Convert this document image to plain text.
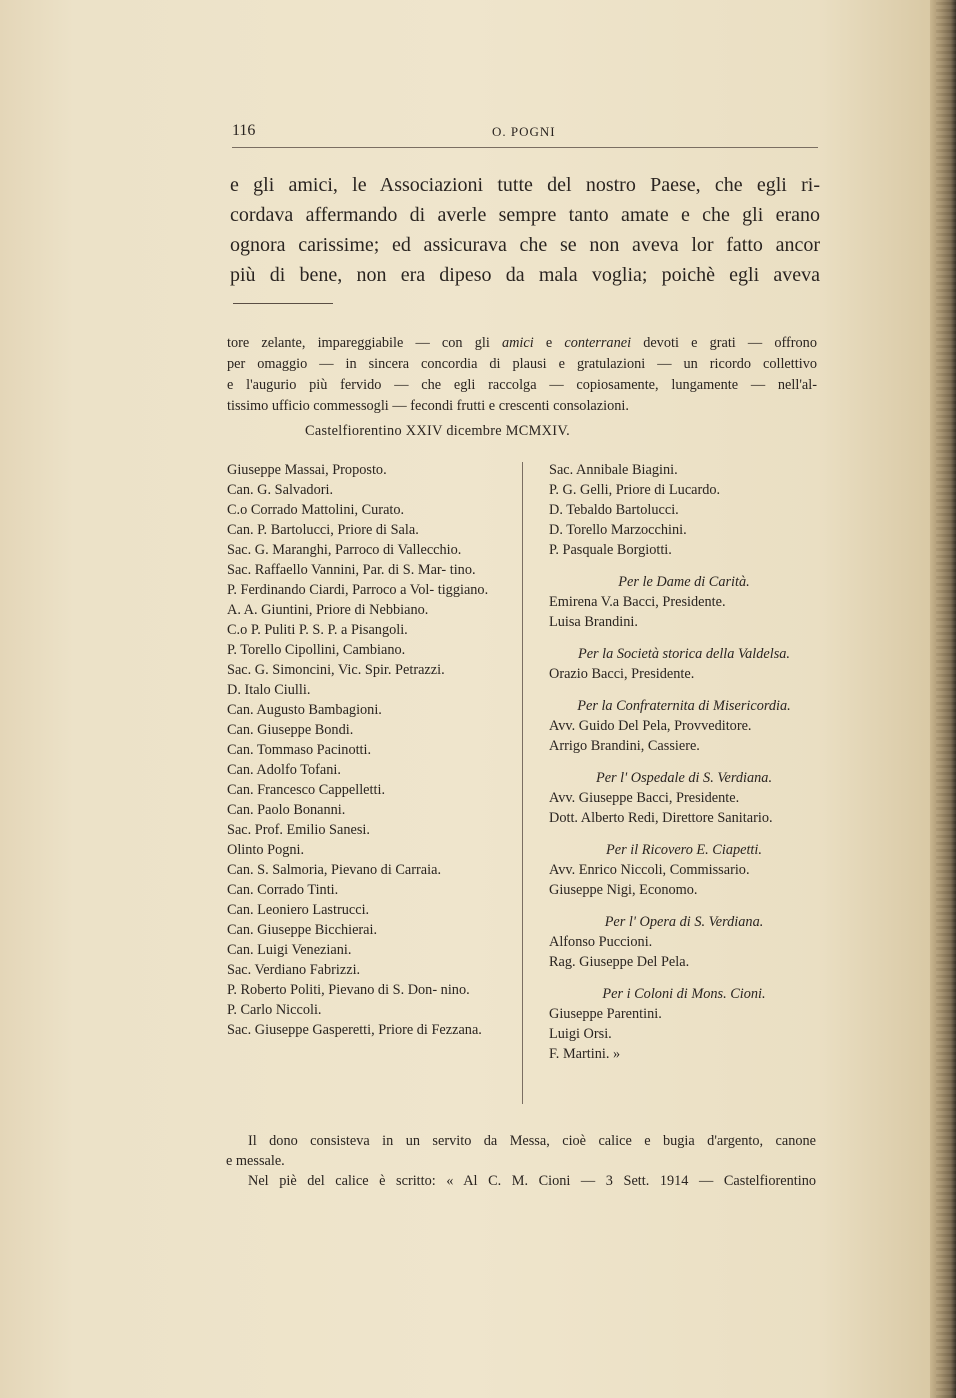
116	O. POGNI
e gli amici, le Associazioni tutte del nostro Paese, che egli ri-
cordava affermando di averle sempre tanto amate e che gli erano
ognora carissime; ed assicurava che se non aveva lor fatto ancor
più di bene, non era dipeso da mala voglia; poichè egli aveva
tore zelante, impareggiabile — con gli amici e conterranei devoti e grati — offrono
per omaggio — in sincera concordia di plausi e gratulazioni — un ricordo collettivo
e l'augurio più fervido — che egli raccolga — copiosamente, lungamente — nell'al-
tissimo ufficio commessogli — fecondi frutti e crescenti consolazioni.
Castelfiorentino XXIV dicembre MCMXIV.

Giuseppe Massai, Proposto.

Can. G. Salvadori.

C.o Corrado Mattolini, Curato.

Can. P. Bartolucci, Priore di Sala.

Sac. G. Maranghi, Parroco di Vallecchio.

Sac. Raffaello Vannini, Par. di S. Mar- tino.

P. Ferdinando Ciardi, Parroco a Vol- tiggiano.

A. A. Giuntini, Priore di Nebbiano.

C.o P. Puliti P. S. P. a Pisangoli.

P. Torello Cipollini, Cambiano.

Sac. G. Simoncini, Vic. Spir. Petrazzi.

D. Italo Ciulli.

Can. Augusto Bambagioni.

Can. Giuseppe Bondi.

Can. Tommaso Pacinotti.

Can. Adolfo Tofani.

Can. Francesco Cappelletti.

Can. Paolo Bonanni.

Sac. Prof. Emilio Sanesi.

Olinto Pogni.

Can. S. Salmoria, Pievano di Carraia.

Can. Corrado Tinti.

Can. Leoniero Lastrucci.

Can. Giuseppe Bicchierai.

Can. Luigi Veneziani.

Sac. Verdiano Fabrizzi.

P. Roberto Politi, Pievano di S. Don- nino.

P. Carlo Niccoli.

Sac. Giuseppe Gasperetti, Priore di Fezzana.

Sac. Annibale Biagini.

P. G. Gelli, Priore di Lucardo.

D. Tebaldo Bartolucci.

D. Torello Marzocchini.

P. Pasquale Borgiotti.

Per le Dame di Carità.

Emirena V.a Bacci, Presidente.

Luisa Brandini.

Per la Società storica della Valdelsa.

Orazio Bacci, Presidente.

Per la Confraternita di Misericordia.

Avv. Guido Del Pela, Provveditore.

Arrigo Brandini, Cassiere.

Per l' Ospedale di S. Verdiana.

Avv. Giuseppe Bacci, Presidente.

Dott. Alberto Redi, Direttore Sanitario.

Per il Ricovero E. Ciapetti.

Avv. Enrico Niccoli, Commissario.

Giuseppe Nigi, Economo.

Per l' Opera di S. Verdiana.

Alfonso Puccioni.

Rag. Giuseppe Del Pela.

Per i Coloni di Mons. Cioni.

Giuseppe Parentini.

Luigi Orsi.

F. Martini. »

Il dono consisteva in un servito da Messa, cioè calice e bugia d'argento, canone
e messale.
Nel piè del calice è scritto: « Al C. M. Cioni — 3 Sett. 1914 — Castelfiorentino
